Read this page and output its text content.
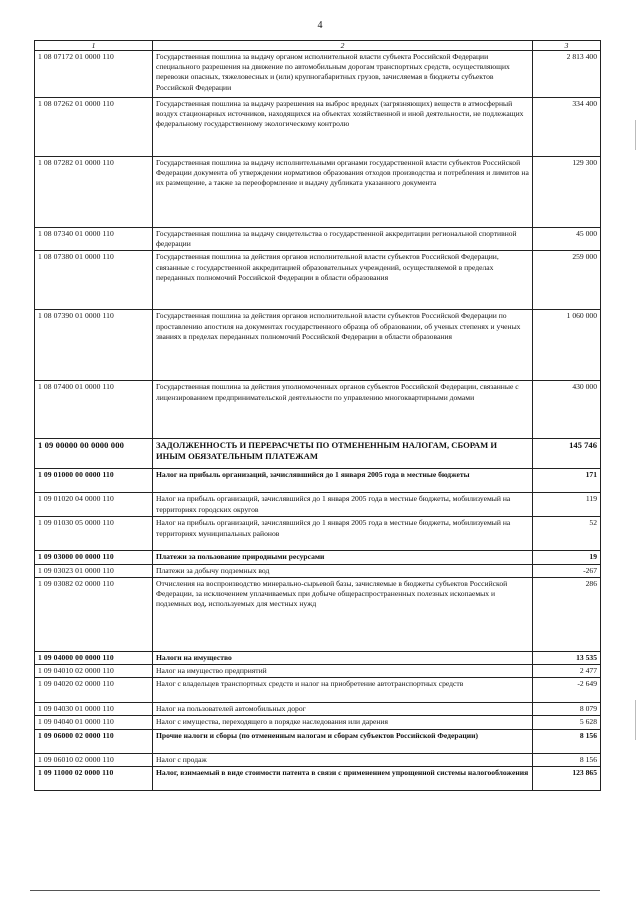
4
1	2	3
1 08 07172 01 0000 110	Государственная пошлина за выдачу органом исполнительной власти субъекта Российской Федерации специального разрешения на движение по автомобильным дорогам транспортных средств, осуществляющих перевозки опасных, тяжеловесных и (или) крупногабаритных грузов, зачисляемая в бюджеты субъектов Российской Федерации	2 813 400
1 08 07262 01 0000 110	Государственная пошлина за выдачу разрешения на выброс вредных (загрязняющих) веществ в атмосферный воздух стационарных источников, находящихся на объектах хозяйственной и иной деятельности, не подлежащих федеральному государственному экологическому контролю	334 400
1 08 07282 01 0000 110	Государственная пошлина за выдачу исполнительными органами государственной власти субъектов Российской Федерации документа об утверждении нормативов образования отходов производства и потребления и лимитов на их размещение, а также за переоформление и выдачу дубликата указанного документа	129 300
1 08 07340 01 0000 110	Государственная пошлина за выдачу свидетельства о государственной аккредитации региональной спортивной федерации	45 000
1 08 07380 01 0000 110	Государственная пошлина за действия органов исполнительной власти субъектов Российской Федерации, связанные с государственной аккредитацией образовательных учреждений, осуществляемой в пределах переданных полномочий Российской Федерации в области образования	259 000
1 08 07390 01 0000 110	Государственная пошлина за действия органов исполнительной власти субъектов Российской Федерации по проставлению апостиля на документах государственного образца об образовании, об ученых степенях и ученых званиях в пределах переданных полномочий Российской Федерации в области образования	1 060 000
1 08 07400 01 0000 110	Государственная пошлина за действия уполномоченных органов субъектов Российской Федерации, связанные с лицензированием предпринимательской деятельности по управлению многоквартирными домами	430 000
1 09 00000 00 0000 000	ЗАДОЛЖЕННОСТЬ И ПЕРЕРАСЧЕТЫ ПО ОТМЕНЕННЫМ НАЛОГАМ, СБОРАМ И ИНЫМ ОБЯЗАТЕЛЬНЫМ ПЛАТЕЖАМ	145 746
1 09 01000 00 0000 110	Налог на прибыль организаций, зачислявшийся до 1 января 2005 года в местные бюджеты	171
1 09 01020 04 0000 110	Налог на прибыль организаций, зачислявшийся до 1 января 2005 года в местные бюджеты, мобилизуемый на территориях городских округов	119
1 09 01030 05 0000 110	Налог на прибыль организаций, зачислявшийся до 1 января 2005 года в местные бюджеты, мобилизуемый на территориях муниципальных районов	52
1 09 03000 00 0000 110	Платежи за пользование природными ресурсами	19
1 09 03023 01 0000 110	Платежи за добычу подземных вод	-267
1 09 03082 02 0000 110	Отчисления на воспроизводство минерально-сырьевой базы, зачисляемые в бюджеты субъектов Российской Федерации, за исключением уплачиваемых при добыче общераспространенных полезных ископаемых и подземных вод, используемых для местных нужд	286
1 09 04000 00 0000 110	Налоги на имущество	13 535
1 09 04010 02 0000 110	Налог на имущество предприятий	2 477
1 09 04020 02 0000 110	Налог с владельцев транспортных средств и налог на приобретение автотранспортных средств	-2 649
1 09 04030 01 0000 110	Налог на пользователей автомобильных дорог	8 079
1 09 04040 01 0000 110	Налог с имущества, переходящего в порядке наследования или дарения	5 628
1 09 06000 02 0000 110	Прочие налоги и сборы (по отмененным налогам и сборам субъектов Российской Федерации)	8 156
1 09 06010 02 0000 110	Налог с продаж	8 156
1 09 11000 02 0000 110	Налог, взимаемый в виде стоимости патента в связи с применением упрощенной системы налогообложения	123 865
